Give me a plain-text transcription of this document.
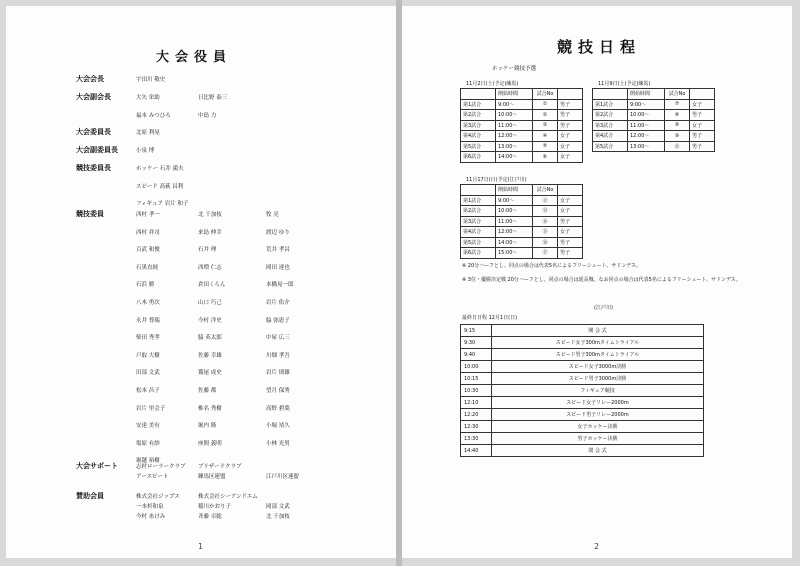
大会役員
大会会長	宇田川 敬史
大会副会長	大矢 栄助	日比野 泰三
福本 みつひろ	中島 力
大会委員長	北原 利晃
大会副委員長	小泉 博
競技委員長	ホッケー 石井 満夫
スピード 高萩 昌利
フィギュア 岩片 和子
競技委員	西村 孝一	北 千加枝	牧 亮
西村 祥司	来島 伸幸	渡辺 ゆり
百武 和俊	石井 理	荒井 孝昌
石黒直純	西増 仁志	岡田 達也
石浜 勝	倉田くらん	本橋晃一郎
八木 勇次	山口 巧己	岩片 佑介
永井 尊瑞	今村 洋史	脇 弥恵子
柴田 秀孝	脇 英太郎	中屋 広三
戸取 大樹	佐藤 幸雄	川畑 孝吾
田部 文武	鷲尾 成史	岩片 則雄
松本 昌子	佐藤 都	望月 保秀
岩片 里会子	椎名 秀樹	高野 碧葉
安達 美有	堀内 隆	小堀 靖久
塩原 有紗	座間 義明	小林 光男
堀越 裕樹
大会サポート	志村ローラークラブ ブリザードクラブ
アースピート	練馬区連盟	江戸川区連盟
賛助会員	株式会社ジップス	株式会社シーアンドエム
一本杉和泉	稲川かおり子	岡部 文武
今村 あけみ	斉藤 卓聡	北 千加枝
1
競技日程
ホッケー競技予選
11月2日(土)予定(練馬)
	開始時間	試合No	
第1試合	9:00～	①	男子
第2試合	10:00～	②	男子
第3試合	11:00～	③	男子
第4試合	12:00～	④	女子
第5試合	13:00～	⑤	女子
第6試合	14:00～	⑥	女子
11月9日(土)予定(練馬)
	開始時間	試合No	
第1試合	9:00～	⑦	女子
第2試合	10:00～	⑧	男子
第3試合	11:00～	⑨	女子
第4試合	12:00～	⑩	男子
第5試合	13:00～	⑪	男子
11月17日(日)予定(江戸川)
	開始時間	試合No	
第1試合	9:00～	⑫	女子
第2試合	10:00～	⑬	女子
第3試合	11:00～	⑭	男子
第4試合	12:00～	⑮	女子
第5試合	14:00～	⑯	男子
第6試合	15:00～	⑰	男子
※ 20分ハーフとし、同点の場合は代表5名によるフリーシュート、サドンデス。
※ 3位・優勝決定戦 20分ハーフとし、同点の場合は延長戦。なお同点の場合は代表5名によるフリーシュート、サドンデス。
(江戸川)
最終日日程 12月1日(日)
9:15	開 会 式
9:30	スピード女子300mタイムトライアル
9:40	スピード男子300mタイムトライアル
10:00	スピード女子3000m決勝
10:15	スピード男子3000m決勝
10:30	フィギュア競技
12:10	スピード女子リレー2000m
12:20	スピード男子リレー2000m
12:30	女子ホッケー決勝
13:30	男子ホッケー決勝
14:40	閉 会 式
2
